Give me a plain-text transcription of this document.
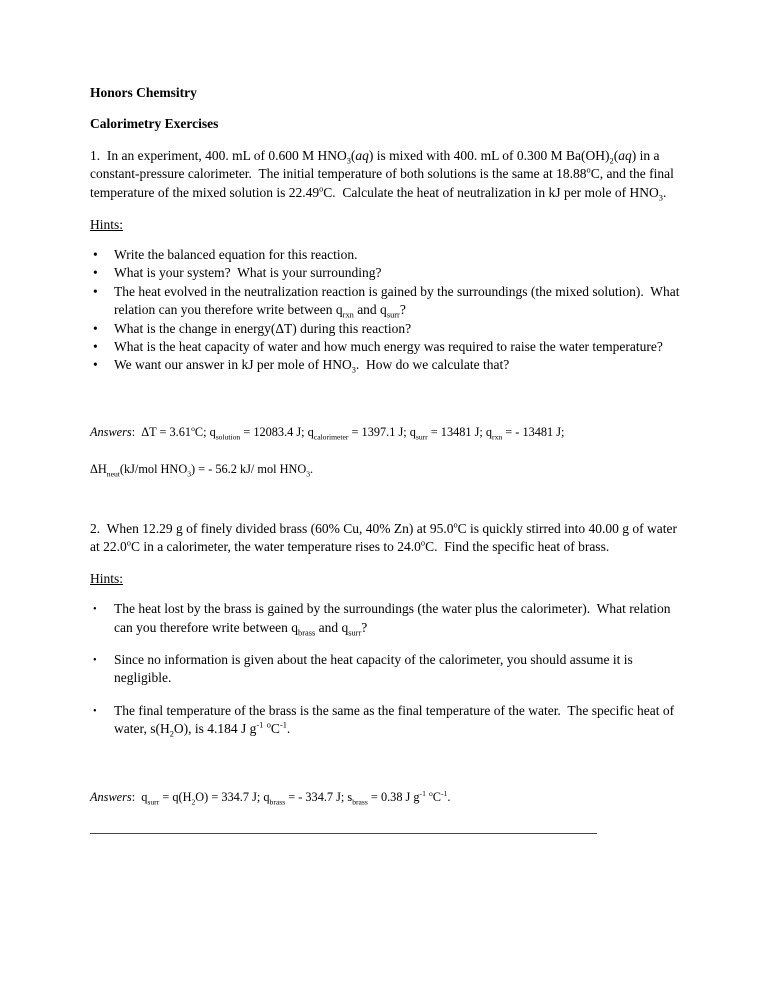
Honors Chemsitry
Calorimetry Exercises

1.  In an experiment, 400. mL of 0.600 M $HNO_3(aq)$ is mixed with 400. mL of 0.300 M $Ba(OH)_2(aq)$ in a constant-pressure calorimeter.  The initial temperature of both solutions is the same at 18.88$^o$C, and the final temperature of the mixed solution is 22.49$^o$C.  Calculate the heat of neutralization in kJ per mole of $HNO_3$.

Hints:

•	Write the balanced equation for this reaction.
•	What is your system?  What is your surrounding?
•	The heat evolved in the neutralization reaction is gained by the surroundings (the mixed solution).  What relation can you therefore write between $q_{rxn}$ and $q_{surr}$?
•	What is the change in energy(ΔT) during this reaction?
•	What is the heat capacity of water and how much energy was required to raise the water temperature?
•	We want our answer in kJ per mole of $HNO_3$.  How do we calculate that?

Answers:  $\Delta T = 3.61^oC$; $q_{solution} = 12083.4$ J; $q_{calorimeter} = 1397.1$ J; $q_{surr} = 13481$ J; $q_{rxn}$ = - 13481 J;

$\Delta H_{neut}(kJ$/mol $HNO_3$) = - 56.2 kJ/ mol $HNO_3$.

2.  When 12.29 g of finely divided brass (60% Cu, 40% Zn) at 95.0$^o$C is quickly stirred into 40.00 g of water at 22.0$^o$C in a calorimeter, the water temperature rises to 24.0$^o$C.  Find the specific heat of brass.

Hints:

•	The heat lost by the brass is gained by the surroundings (the water plus the calorimeter).  What relation can you therefore write between $q_{brass}$ and $q_{surr}$?
•	Since no information is given about the heat capacity of the calorimeter, you should assume it is negligible.
•	The final temperature of the brass is the same as the final temperature of the water.  The specific heat of water, $s(H_2O)$, is 4.184 J $g^{-1}$ $^oC^{-1}$.

Answers:  $q_{surr} = q(H_2O) = 334.7$ J; $q_{brass}$ = - 334.7 J; $s_{brass} = 0.38$ J $g^{-1}$ $^oC^{-1}$.
